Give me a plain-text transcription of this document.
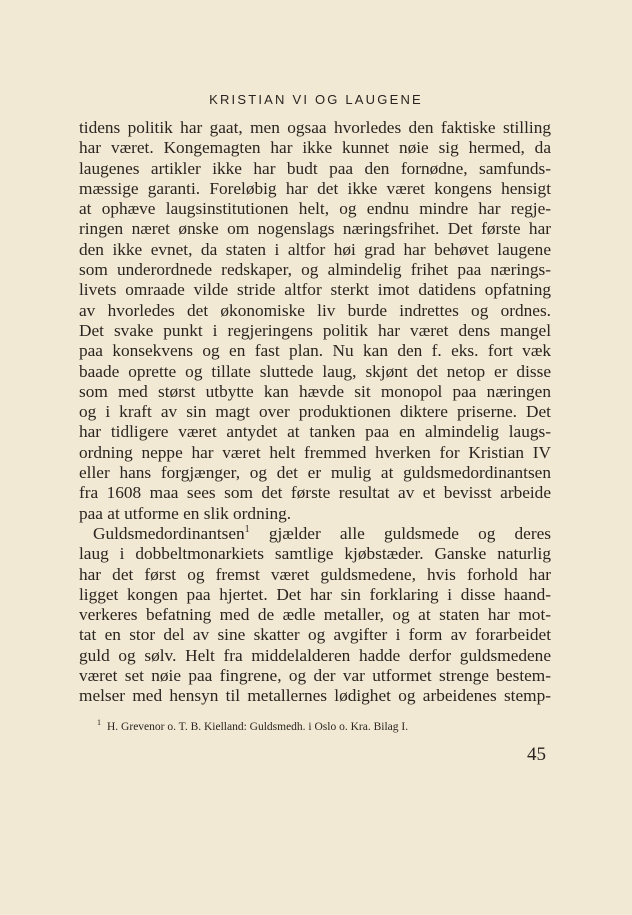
KRISTIAN VI OG LAUGENE
tidens politik har gaat, men ogsaa hvorledes den faktiske stilling
har været. Kongemagten har ikke kunnet nøie sig hermed, da
laugenes artikler ikke har budt paa den fornødne, samfunds-
mæssige garanti. Foreløbig har det ikke været kongens hensigt
at ophæve laugsinstitutionen helt, og endnu mindre har regje-
ringen næret ønske om nogenslags næringsfrihet. Det første har
den ikke evnet, da staten i altfor høi grad har behøvet laugene
som underordnede redskaper, og almindelig frihet paa nærings-
livets omraade vilde stride altfor sterkt imot datidens opfatning
av hvorledes det økonomiske liv burde indrettes og ordnes.
Det svake punkt i regjeringens politik har været dens mangel
paa konsekvens og en fast plan. Nu kan den f. eks. fort væk
baade oprette og tillate sluttede laug, skjønt det netop er disse
som med størst utbytte kan hævde sit monopol paa næringen
og i kraft av sin magt over produktionen diktere priserne. Det
har tidligere været antydet at tanken paa en almindelig laugs-
ordning neppe har været helt fremmed hverken for Kristian IV
eller hans forgjænger, og det er mulig at guldsmedordinantsen
fra 1608 maa sees som det første resultat av et bevisst arbeide
paa at utforme en slik ordning.
Guldsmedordinantsen$^1$ gjælder alle guldsmede og deres
laug i dobbeltmonarkiets samtlige kjøbstæder. Ganske naturlig
har det først og fremst været guldsmedene, hvis forhold har
ligget kongen paa hjertet. Det har sin forklaring i disse haand-
verkeres befatning med de ædle metaller, og at staten har mot-
tat en stor del av sine skatter og avgifter i form av forarbeidet
guld og sølv. Helt fra middelalderen hadde derfor guldsmedene
været set nøie paa fingrene, og der var utformet strenge bestem-
melser med hensyn til metallernes lødighet og arbeidenes stemp-
$^1$ H. Grevenor o. T. B. Kielland: Guldsmedh. i Oslo o. Kra. Bilag I.
45
